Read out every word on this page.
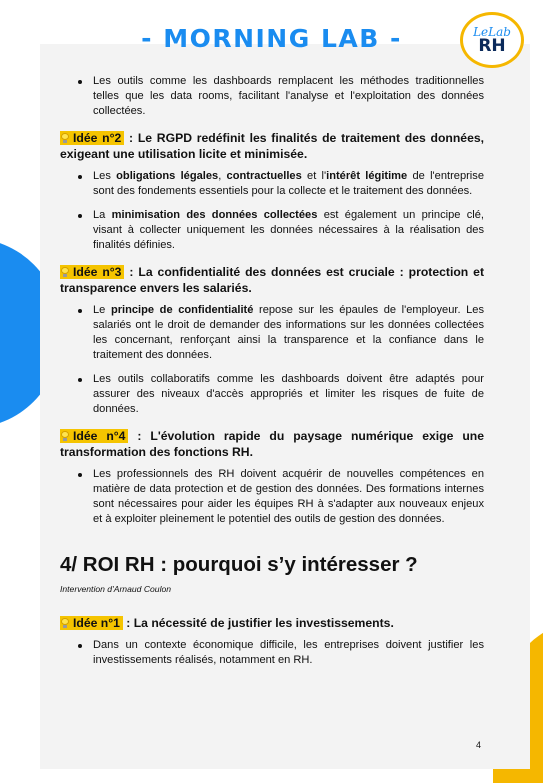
- MORNING LAB -	LeLab
RH
Les outils comme les dashboards remplacent les méthodes traditionnelles telles que les data rooms, facilitant l'analyse et l'exploitation des données collectées.
Idée n°2 : Le RGPD redéfinit les finalités de traitement des données, exigeant une utilisation licite et minimisée.
Les obligations légales, contractuelles et l'intérêt légitime de l'entreprise sont des fondements essentiels pour la collecte et le traitement des données.
La minimisation des données collectées est également un principe clé, visant à collecter uniquement les données nécessaires à la réalisation des finalités définies.
Idée n°3 : La confidentialité des données est cruciale : protection et transparence envers les salariés.
Le principe de confidentialité repose sur les épaules de l'employeur. Les salariés ont le droit de demander des informations sur les données collectées les concernant, renforçant ainsi la transparence et la confiance dans le traitement des données.
Les outils collaboratifs comme les dashboards doivent être adaptés pour assurer des niveaux d'accès appropriés et limiter les risques de fuite de données.
Idée n°4 : L'évolution rapide du paysage numérique exige une transformation des fonctions RH.
Les professionnels des RH doivent acquérir de nouvelles compétences en matière de data protection et de gestion des données. Des formations internes sont nécessaires pour aider les équipes RH à s'adapter aux nouveaux enjeux et à exploiter pleinement le potentiel des outils de gestion des données.
4/ ROI RH : pourquoi s’y intéresser ?
Intervention d'Arnaud Coulon
Idée n°1 : La nécessité de justifier les investissements.
Dans un contexte économique difficile, les entreprises doivent justifier les investissements réalisés, notamment en RH.
4
